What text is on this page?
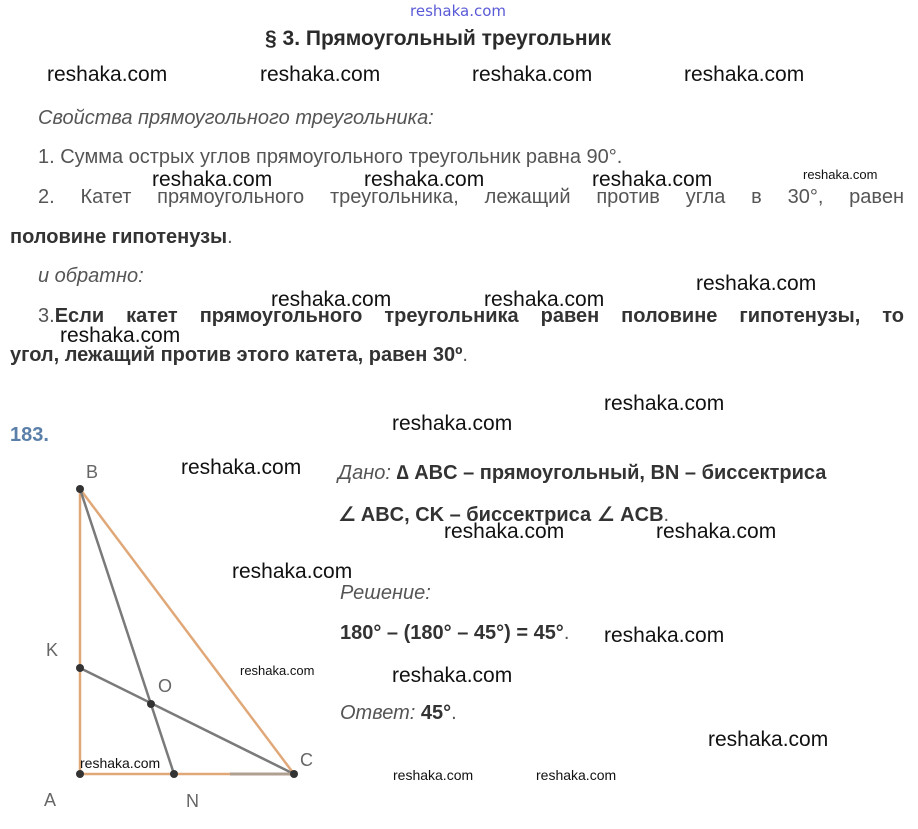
reshaka.com
§ 3. Прямоугольный треугольник
reshaka.com	reshaka.com	reshaka.com	reshaka.com
Свойства прямоугольного треугольника:
1. Сумма острых углов прямоугольного треугольник равна 90°.
reshaka.com	reshaka.com	reshaka.com	reshaka.com
2. Катет прямоугольного треугольника, лежащий против угла в 30°, равен
половине гипотенузы.
и обратно:	reshaka.com
reshaka.com	reshaka.com
3. Если катет прямоугольного треугольника равен половине гипотенузы, то
reshaka.com
угол, лежащий против этого катета, равен 30º.
reshaka.com
reshaka.com
183.
B
K
O
C
A	N
reshaka.com
reshaka.com
reshaka.com
reshaka.com
Дано: ∆ ABC – прямоугольный, BN – биссектриса
∠ ABC, CK – биссектриса ∠ ACB.
reshaka.com	reshaka.com
Решение:
180° – (180° – 45°) = 45°. reshaka.com
reshaka.com
Ответ: 45°.
reshaka.com
reshaka.com	reshaka.com
